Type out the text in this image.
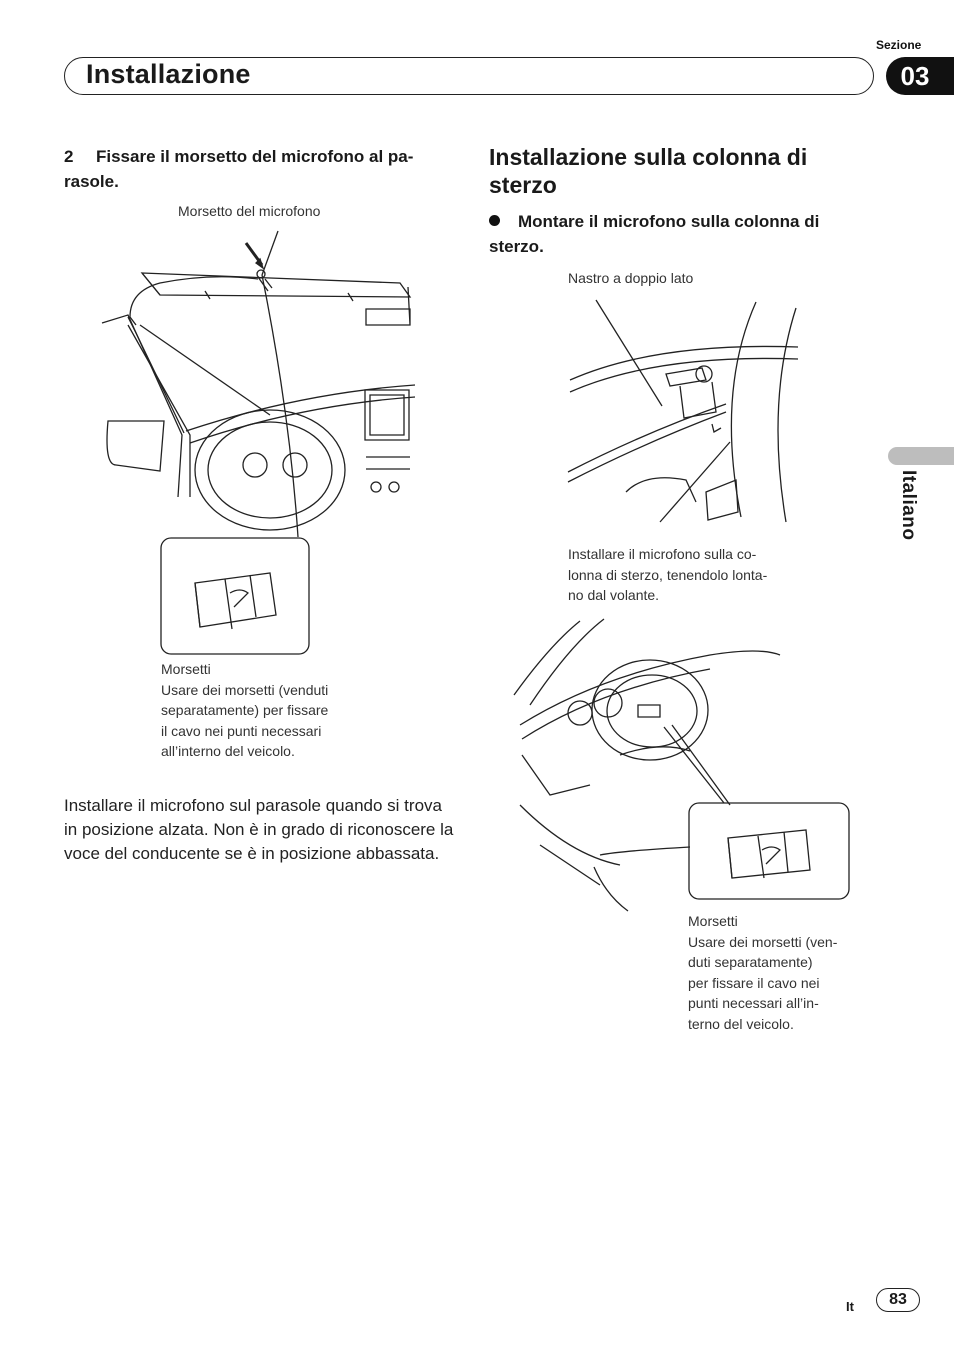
Sezione
Installazione	03
Italiano
2 Fissare il morsetto del microfono al pa-rasole.
Morsetto del microfono
Morsetti
Usare dei morsetti (venduti
separatamente) per fissare
il cavo nei punti necessari
all’interno del veicolo.
Installare il microfono sul parasole quando si trova in posizione alzata. Non è in grado di riconoscere la voce del conducente se è in posizione abbassata.
Installazione sulla colonna di sterzo
Montare il microfono sulla colonna di sterzo.
Nastro a doppio lato
Installare il microfono sulla co-
lonna di sterzo, tenendolo lonta-
no dal volante.
Morsetti
Usare dei morsetti (ven-
duti separatamente)
per fissare il cavo nei
punti necessari all’in-
terno del veicolo.
It	83
